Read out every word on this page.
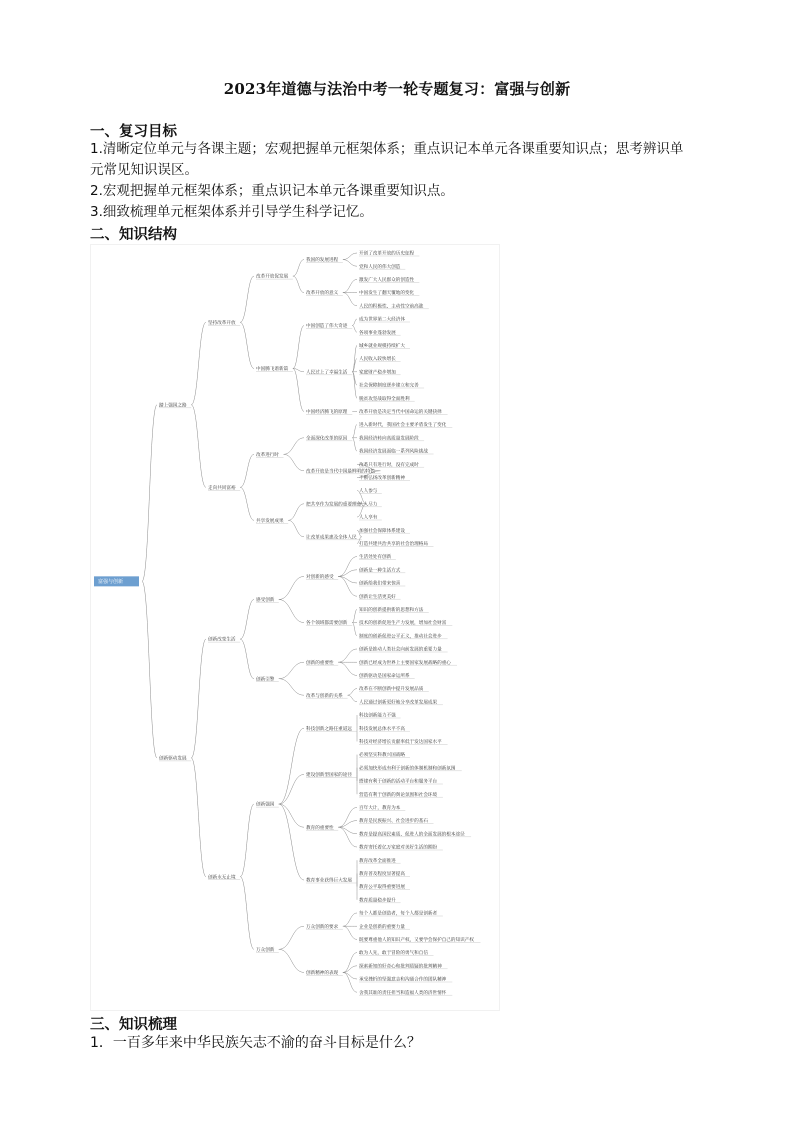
2023年道德与法治中考一轮专题复习：富强与创新
一、复习目标
1.清晰定位单元与各课主题；宏观把握单元框架体系；重点识记本单元各课重要知识点；思考辨识单
元常见知识误区。
2.宏观把握单元框架体系；重点识记本单元各课重要知识点。
3.细致梳理单元框架体系并引导学生科学记忆。
二、知识结构
开创了改革开放的历史征程
党和人民的伟大创造
我国的发展进程
激发广大人民群众的创造性
中国发生了翻天覆地的变化
人民的积极性、主动性空前高涨
改革开放的意义
改革开放促发展
成为世界第二大经济体
各项事业蓬勃发展
中国创造了伟大奇迹
城乡就业规模持续扩大
人民收入较快增长
家庭财产稳步增加
社会保障制度逐步建立和完善
脱贫攻坚战取得全面胜利
人民过上了幸福生活
改革开放是决定当代中国命运的关键抉择
中国经济腾飞的原理
中国腾飞谱新篇
坚持改革开放
进入新时代，我国社会主要矛盾发生了变化
我国经济转向高质量发展阶段
我国经济发展面临一系列风险挑战
全面深化改革的原因
改革只有进行时，没有完成时
不断弘扬改革创新精神
改革开放是当代中国最鲜明的特色
改革进行时
人人参与
人人尽力
人人享有
把共享作为发展的重要理念
加强社会保障体系建设
打造共建共治共享的社会治理格局
让改革成果惠及全体人民
共享发展成果
走向共同富裕
踏上强国之路
生活处处有创新
创新是一种生活方式
创新给我们带来惊喜
创新让生活更美好
对创新的感受
知识的创新提供新的思想和方法
技术的创新促进生产力发展，增加社会财富
制度的创新促进公平正义，推动社会进步
各个领域都需要创新
感受创新
创新是推动人类社会向前发展的重要力量
创新已经成为世界上主要国家发展战略的重心
创新驱动是国家命运所系
创新的重要性
改革在不断创新中提升发展品质
人民通过创新更好地分享改革发展成果
改革与创新的关系
创新引擎
创新改变生活
科技创新能力不强
科技发展总体水平不高
科技对经济增长贡献率低于发达国家水平
科技创新之路任重道远
必须坚实科教兴国战略
必须加快形成有利于创新的体制机制和创新氛围
搭建有利于创新的活动平台和服务平台
营造有利于创新的舆论氛围和社会环境
建设创新型国家的途径
百年大计，教育为本
教育是民族振兴、社会进步的基石
教育是提高国民素质、促进人的全面发展的根本途径
教育寄托着亿万家庭对美好生活的期盼
教育的重要性
教育改革全面推进
教育普及程度显著提高
教育公平取得重要进展
教育质量稳步提升
教育事业获得巨大发展
创新强国
每个人都是创造者，每个人都是创新者
企业是创新的重要力量
既要尊重他人的知识产权，又要学会保护自己的知识产权
万众创新的要求
敢为人先，敢于冒险的勇气和自信
探索新知的好奇心和批判质疑的批判精神
承受挫折的坚强意志和沟通合作的团队精神
舍我其谁的责任担当和造福人类的济世情怀
创新精神的表现
万众创新
创新永无止境
创新驱动发展
富强与创新
三、知识梳理
1．一百多年来中华民族矢志不渝的奋斗目标是什么？
